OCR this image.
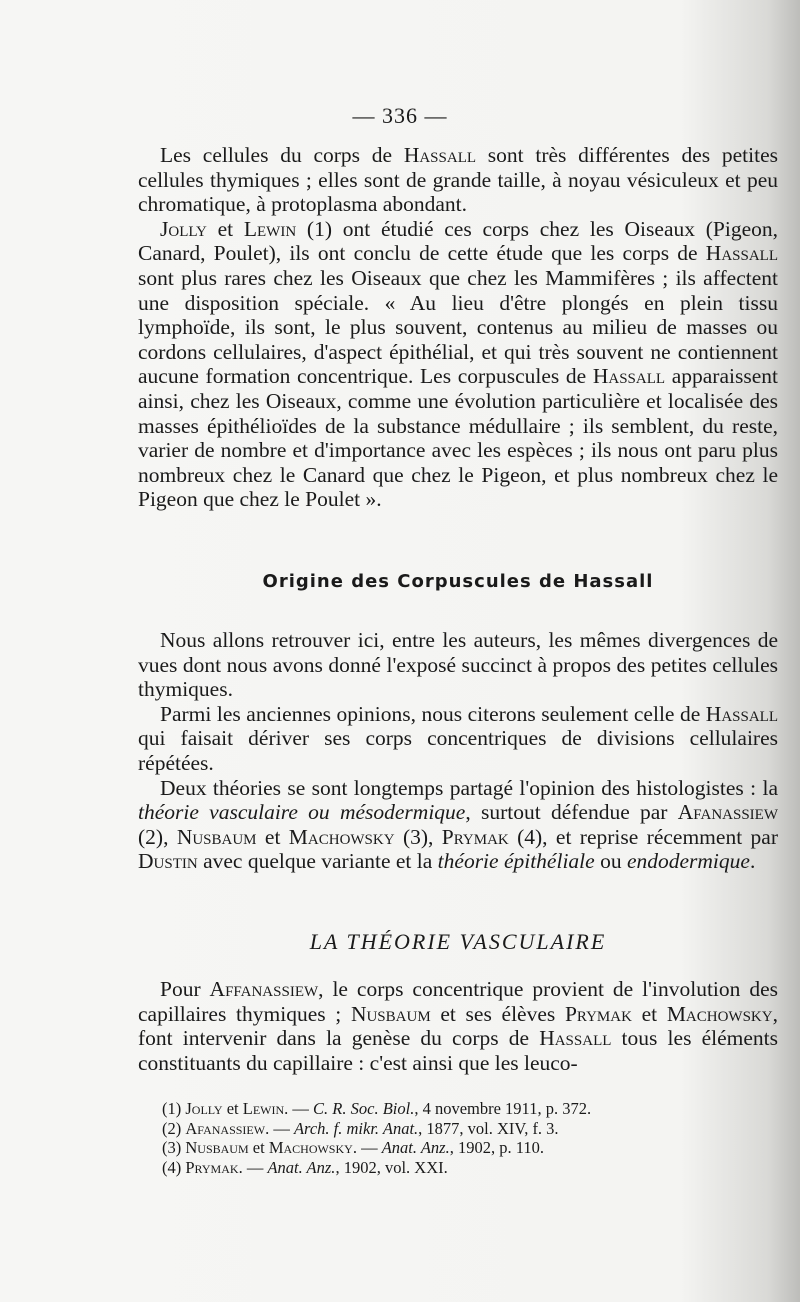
— 336 —

Les cellules du corps de Hassall sont très différentes des petites cellules thymiques ; elles sont de grande taille, à noyau vésiculeux et peu chromatique, à protoplasma abondant.

Jolly et Lewin (1) ont étudié ces corps chez les Oiseaux (Pigeon, Canard, Poulet), ils ont conclu de cette étude que les corps de Hassall sont plus rares chez les Oiseaux que chez les Mammifères ; ils affectent une disposition spéciale. « Au lieu d'être plongés en plein tissu lymphoïde, ils sont, le plus souvent, contenus au milieu de masses ou cordons cellulaires, d'aspect épithélial, et qui très souvent ne contiennent aucune formation concentrique. Les corpuscules de Hassall apparaissent ainsi, chez les Oiseaux, comme une évolution particulière et localisée des masses épithélioïdes de la substance médullaire ; ils semblent, du reste, varier de nombre et d'importance avec les espèces ; ils nous ont paru plus nombreux chez le Canard que chez le Pigeon, et plus nombreux chez le Pigeon que chez le Poulet ».

Origine des Corpuscules de Hassall

Nous allons retrouver ici, entre les auteurs, les mêmes divergences de vues dont nous avons donné l'exposé succinct à propos des petites cellules thymiques.

Parmi les anciennes opinions, nous citerons seulement celle de Hassall qui faisait dériver ses corps concentriques de divisions cellulaires répétées.

Deux théories se sont longtemps partagé l'opinion des histologistes : la théorie vasculaire ou mésodermique, surtout défendue par Afanassiew (2), Nusbaum et Machowsky (3), Prymak (4), et reprise récemment par Dustin avec quelque variante et la théorie épithéliale ou endodermique.

LA THÉORIE VASCULAIRE

Pour Affanassiew, le corps concentrique provient de l'involution des capillaires thymiques ; Nusbaum et ses élèves Prymak et Machowsky, font intervenir dans la genèse du corps de Hassall tous les éléments constituants du capillaire : c'est ainsi que les leuco-

(1) Jolly et Lewin. — C. R. Soc. Biol., 4 novembre 1911, p. 372.

(2) Afanassiew. — Arch. f. mikr. Anat., 1877, vol. XIV, f. 3.

(3) Nusbaum et Machowsky. — Anat. Anz., 1902, p. 110.

(4) Prymak. — Anat. Anz., 1902, vol. XXI.
